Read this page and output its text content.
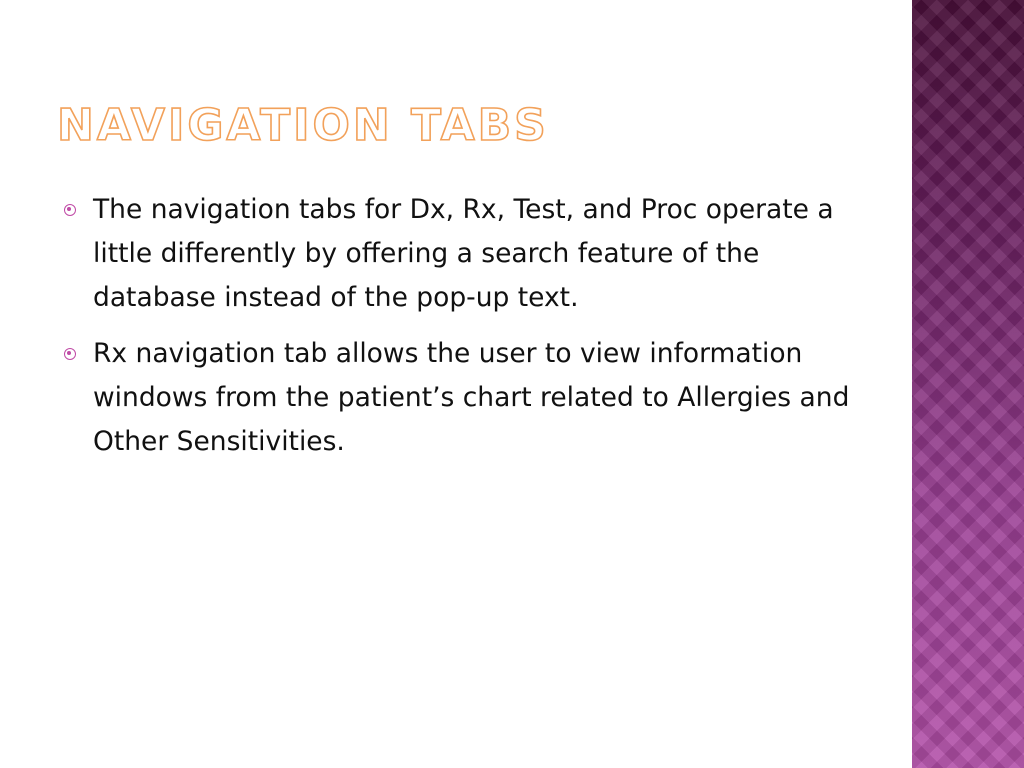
NAVIGATION TABS
The navigation tabs for Dx, Rx, Test, and Proc operate a little differently by offering a search feature of the database instead of the pop-up text.
Rx navigation tab allows the user to view information windows from the patient’s chart related to Allergies and Other Sensitivities.
